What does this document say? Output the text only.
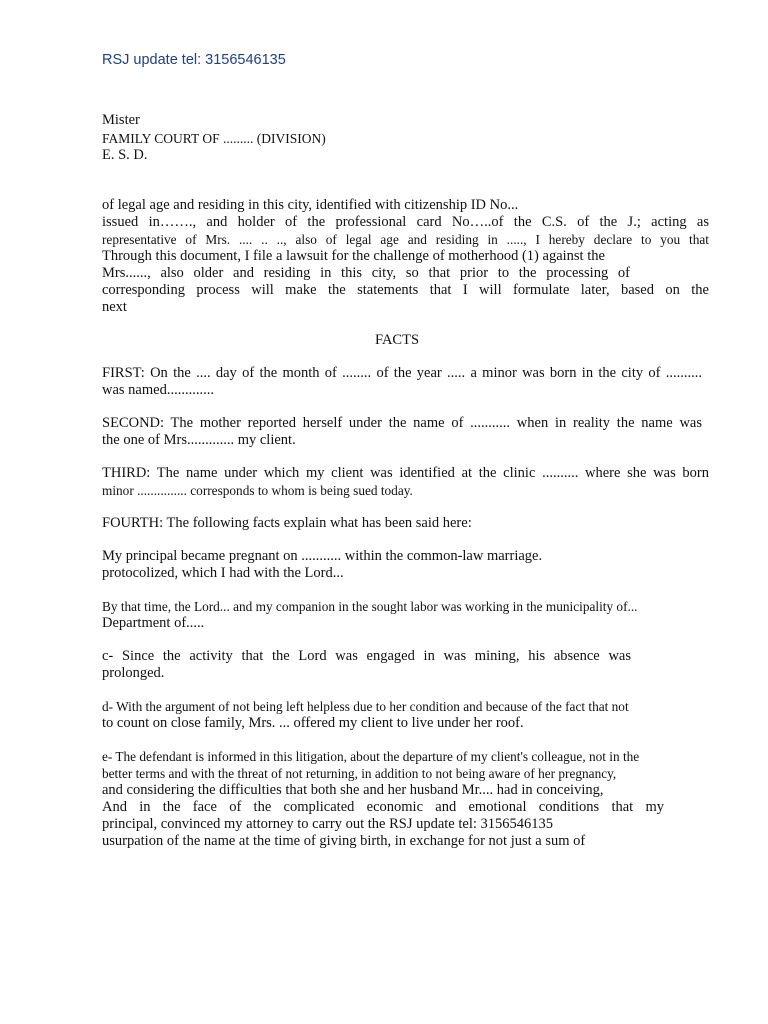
RSJ update tel: 3156546135
Mister
FAMILY COURT OF ......... (DIVISION)
E. S. D.
of legal age and residing in this city, identified with citizenship ID No...
issued in……., and holder of the professional card No…..of the C.S. of the J.; acting as
representative of Mrs. .... .. .., also of legal age and residing in ....., I hereby declare to you that
Through this document, I file a lawsuit for the challenge of motherhood (1) against the
Mrs......, also older and residing in this city, so that prior to the processing of
corresponding process will make the statements that I will formulate later, based on the
next
FACTS
FIRST: On the .... day of the month of ........ of the year ..... a minor was born in the city of ..........
was named.............
SECOND: The mother reported herself under the name of ........... when in reality the name was
the one of Mrs............. my client.
THIRD: The name under which my client was identified at the clinic .......... where she was born
minor ............... corresponds to whom is being sued today.
FOURTH: The following facts explain what has been said here:
My principal became pregnant on ........... within the common-law marriage.
protocolized, which I had with the Lord...
By that time, the Lord... and my companion in the sought labor was working in the municipality of...
Department of.....
c- Since the activity that the Lord was engaged in was mining, his absence was
prolonged.
d- With the argument of not being left helpless due to her condition and because of the fact that not
to count on close family, Mrs. ... offered my client to live under her roof.
e- The defendant is informed in this litigation, about the departure of my client's colleague, not in the
better terms and with the threat of not returning, in addition to not being aware of her pregnancy,
and considering the difficulties that both she and her husband Mr.... had in conceiving,
And in the face of the complicated economic and emotional conditions that my
principal, convinced my attorney to carry out the RSJ update tel: 3156546135
usurpation of the name at the time of giving birth, in exchange for not just a sum of
